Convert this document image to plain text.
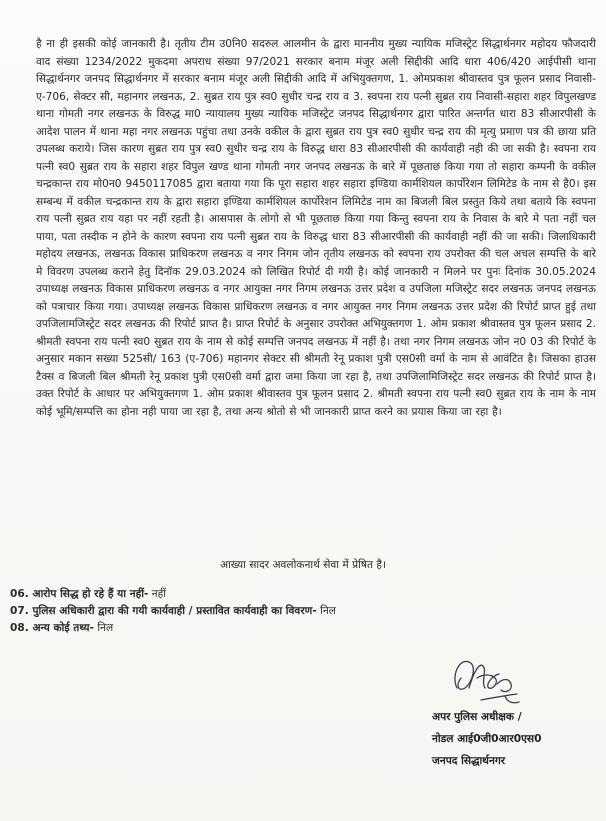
है ना ही इसकी कोई जानकारी है। तृतीय टीम उ0नि0 सदरुल आलमीन के द्वारा माननीय मुख्य न्यायिक मजिस्ट्रेट सिद्धार्थनगर महोदय फौजदारी वाद संख्या 1234/2022 मुकदमा अपराध संख्या 97/2021 सरकार बनाम मंजूर अली सिद्दीकी आदि धारा 406/420 आईपीसी थाना सिद्धार्थनगर जनपद सिद्धार्थनगर में सरकार बनाम मंजूर अली सिद्दीकी आदि में अभियुक्तगण, 1. ओमप्रकाश श्रीवास्तव पुत्र फूलन प्रसाद निवासी- ए-706, सेक्टर सी, महानगर लखनऊ, 2. सुब्रत राय पुत्र स्व0 सुधीर चन्द्र राय व 3. स्वपना राय पत्नी सुब्रत राय निवासी-सहारा शहर विपुलखण्ड थाना गोमती नगर लखनऊ के विरुद्ध मा0 न्यायालय मुख्य न्यायिक मजिस्ट्रेट जनपद सिद्धार्थनगर द्वारा पारित अन्तर्गत धारा 83 सीआरपीसी के आदेश पालन में थाना महा नगर लखनऊ पहुंचा तथा उनके वकील के द्वारा सुब्रत राय पुत्र स्व0 सुधीर चन्द्र राय की मृत्यु प्रमाण पत्र की छाया प्रति उपलब्ध कराये। जिस कारण सुब्रत राय पुत्र स्व0 सुधीर चन्द्र राय के विरुद्ध धारा 83 सीआरपीसी की कार्यवाही नही की जा सकी है। स्वपना राय पत्नी स्व0 सुब्रत राय के सहारा शहर विपुल खण्ड थाना गोमती नगर जनपद लखनऊ के बारे में पूछताछ किया गया तो सहारा कम्पनी के वकील चन्द्रकान्त राय मो0न0 9450117085 द्वारा बताया गया कि पूरा सहारा शहर सहारा इण्डिया कार्मशियल कार्पोरेशन लिमिटेड के नाम से है0। इस सम्बन्ध में वकील चन्द्रकान्त राय के द्वारा सहारा इण्डिया कार्मशियल कार्पोरेशन लिमिटेड नाम का बिजली बिल प्रस्तुत किये तथा बताये कि स्वपना राय पत्नी सुब्रत राय यहा पर नहीं रहती है। आसपास के लोगो से भी पूछताछ किया गया किन्तु स्वपना राय के निवास के बारे मे पता नहीं चल पाया, पता तस्दीक न होने के कारण स्वपना राय पत्नी सुब्रत राय के विरुद्ध धारा 83 सीआरपीसी की कार्यवाही नहीं की जा सकी। जिलाधिकारी महोदय लखनऊ, लखनऊ विकास प्राधिकरण लखनऊ व नगर निगम जोन तृतीय लखनऊ को स्वपना राय उपरोक्त की चल अचल सम्पत्ति के बारे मे विवरण उपलब्ध कराने हेतु दिनॉक 29.03.2024 को लिखित रिपोर्ट दी गयी है। कोई जानकारी न मिलने पर पुनः दिनांक 30.05.2024 उपाध्यक्ष लखनऊ विकास प्राधिकरण लखनऊ व नगर आयुक्त नगर निगम लखनऊ उत्तर प्रदेश व उपजिला मजिस्ट्रेट सदर लखनऊ जनपद लखनऊ को पत्राचार किया गया। उपाध्यक्ष लखनऊ विकास प्राधिकरण लखनऊ व नगर आयुक्त नगर निगम लखनऊ उत्तर प्रदेश की रिपोर्ट प्राप्त हुई तथा उपजिलामजिस्ट्रेट सदर लखनऊ की रिपोर्ट प्राप्त है। प्राप्त रिपोर्ट के अनुसार उपरोक्त अभियुक्तगण 1. ओम प्रकाश श्रीवास्तव पुत्र फूलन प्रसाद 2. श्रीमती स्वपना राय पत्नी स्व0 सुब्रत राय के नाम से कोई सम्पत्ति जनपद लखनऊ में नहीं है। तथा नगर निगम लखनऊ जोन न0 03 की रिपोर्ट के अनुसार मकान सख्या 525सी/ 163 (ए-706) महानगर सेक्टर सी श्रीमती रेनू प्रकाश पुत्री एस0सी वर्मा के नाम से आवंटित है। जिसका हाउस टैक्स व बिजली बिल श्रीमती रेनू प्रकाश पुत्री एस0सी वर्मा द्वारा जमा किया जा रहा है, तथा उपजिलामिजिस्ट्रेट सदर लखनऊ की रिपोर्ट प्राप्त है। उक्त रिपोर्ट के आधार पर अभियुक्तगण 1. ओम प्रकाश श्रीवास्तव पुत्र फूलन प्रसाद 2. श्रीमती स्वपना राय पत्नी स्व0 सुब्रत राय के नाम के नाम कोई भूमि/सम्पत्ति का होना नही पाया जा रहा है, तथा अन्य श्रोतो से भी जानकारी प्राप्त करने का प्रयास किया जा रहा है।

आख्या सादर अवलोकनार्थ सेवा में प्रेषित है।
06. आरोप सिद्ध हो रहे हैं या नहीं- नहीं
07. पुलिस अधिकारी द्वारा की गयी कार्यवाही / प्रस्तावित कार्यवाही का विवरण- निल
08. अन्य कोई तथ्य- निल
अपर पुलिस अधीक्षक /
नोडल आई0जी0आर0एस0
जनपद सिद्धार्थनगर
